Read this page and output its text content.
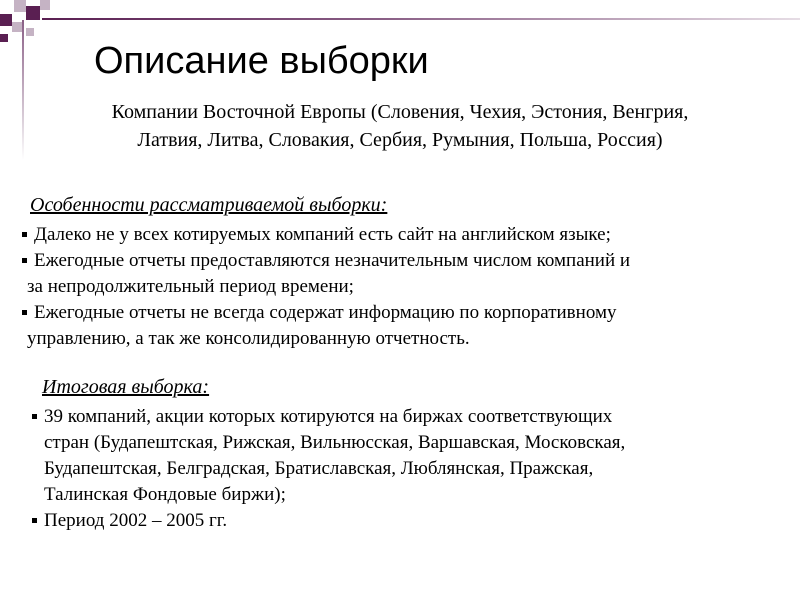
Описание выборки
Компании Восточной Европы (Словения, Чехия, Эстония, Венгрия,
Латвия, Литва, Словакия, Сербия, Румыния, Польша, Россия)
Особенности рассматриваемой выборки:
Далеко не у всех котируемых компаний есть сайт на английском языке;
Ежегодные отчеты предоставляются незначительным числом компаний и
за непродолжительный период времени;
Ежегодные отчеты не всегда содержат информацию по корпоративному
управлению, а так же консолидированную отчетность.
Итоговая выборка:
39 компаний, акции которых котируются на биржах соответствующих
стран (Будапештская, Рижская, Вильнюсская, Варшавская, Московская,
Будапештская, Белградская, Братиславская, Люблянская, Пражская,
Талинская Фондовые биржи);
Период 2002 – 2005 гг.
